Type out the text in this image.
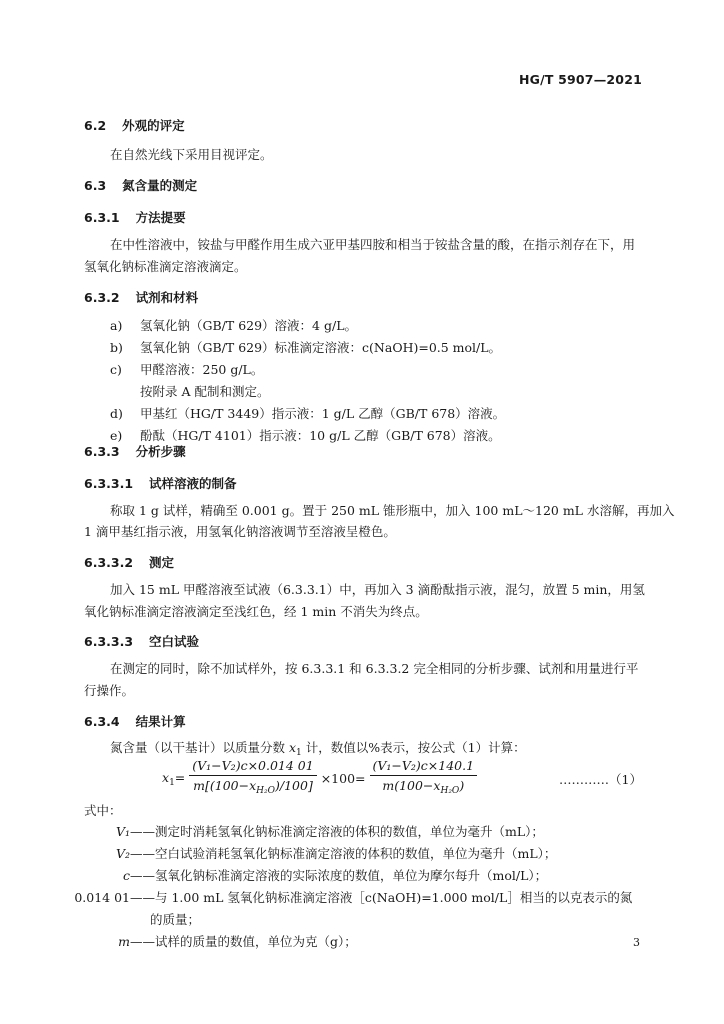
HG/T 5907—2021
6.2 外观的评定
在自然光线下采用目视评定。
6.3 氮含量的测定
6.3.1 方法提要
在中性溶液中，铵盐与甲醛作用生成六亚甲基四胺和相当于铵盐含量的酸，在指示剂存在下，用
氢氧化钠标准滴定溶液滴定。
6.3.2 试剂和材料
a) 氢氧化钠（GB/T 629）溶液：4 g/L。
b) 氢氧化钠（GB/T 629）标准滴定溶液：c(NaOH)=0.5 mol/L。
c) 甲醛溶液：250 g/L。
按附录 A 配制和测定。
d) 甲基红（HG/T 3449）指示液：1 g/L 乙醇（GB/T 678）溶液。
e) 酚酞（HG/T 4101）指示液：10 g/L 乙醇（GB/T 678）溶液。
6.3.3 分析步骤
6.3.3.1 试样溶液的制备
称取 1 g 试样，精确至 0.001 g。置于 250 mL 锥形瓶中，加入 100 mL～120 mL 水溶解，再加入
1 滴甲基红指示液，用氢氧化钠溶液调节至溶液呈橙色。
6.3.3.2 测定
加入 15 mL 甲醛溶液至试液（6.3.3.1）中，再加入 3 滴酚酞指示液，混匀，放置 5 min，用氢
氧化钠标准滴定溶液滴定至浅红色，经 1 min 不消失为终点。
6.3.3.3 空白试验
在测定的同时，除不加试样外，按 6.3.3.1 和 6.3.3.2 完全相同的分析步骤、试剂和用量进行平
行操作。
6.3.4 结果计算
氮含量（以干基计）以质量分数 $x_1$ 计，数值以%表示，按公式（1）计算：
$x_1= \frac{\text{(V₁−V₂)c×0.014 01}}{m[(100-x_{H_2O})/100]} \times 100= \frac{\text{(V₁−V₂)c×140.1}}{m(100-x_{H_2O})}$	…………（1）
式中：
V₁——测定时消耗氢氧化钠标准滴定溶液的体积的数值，单位为毫升（mL）；
V₂——空白试验消耗氢氧化钠标准滴定溶液的体积的数值，单位为毫升（mL）；
c——氢氧化钠标准滴定溶液的实际浓度的数值，单位为摩尔每升（mol/L）；
0.014 01——与 1.00 mL 氢氧化钠标准滴定溶液［c(NaOH)=1.000 mol/L］相当的以克表示的氮
的质量；
m——试样的质量的数值，单位为克（g）；	3
